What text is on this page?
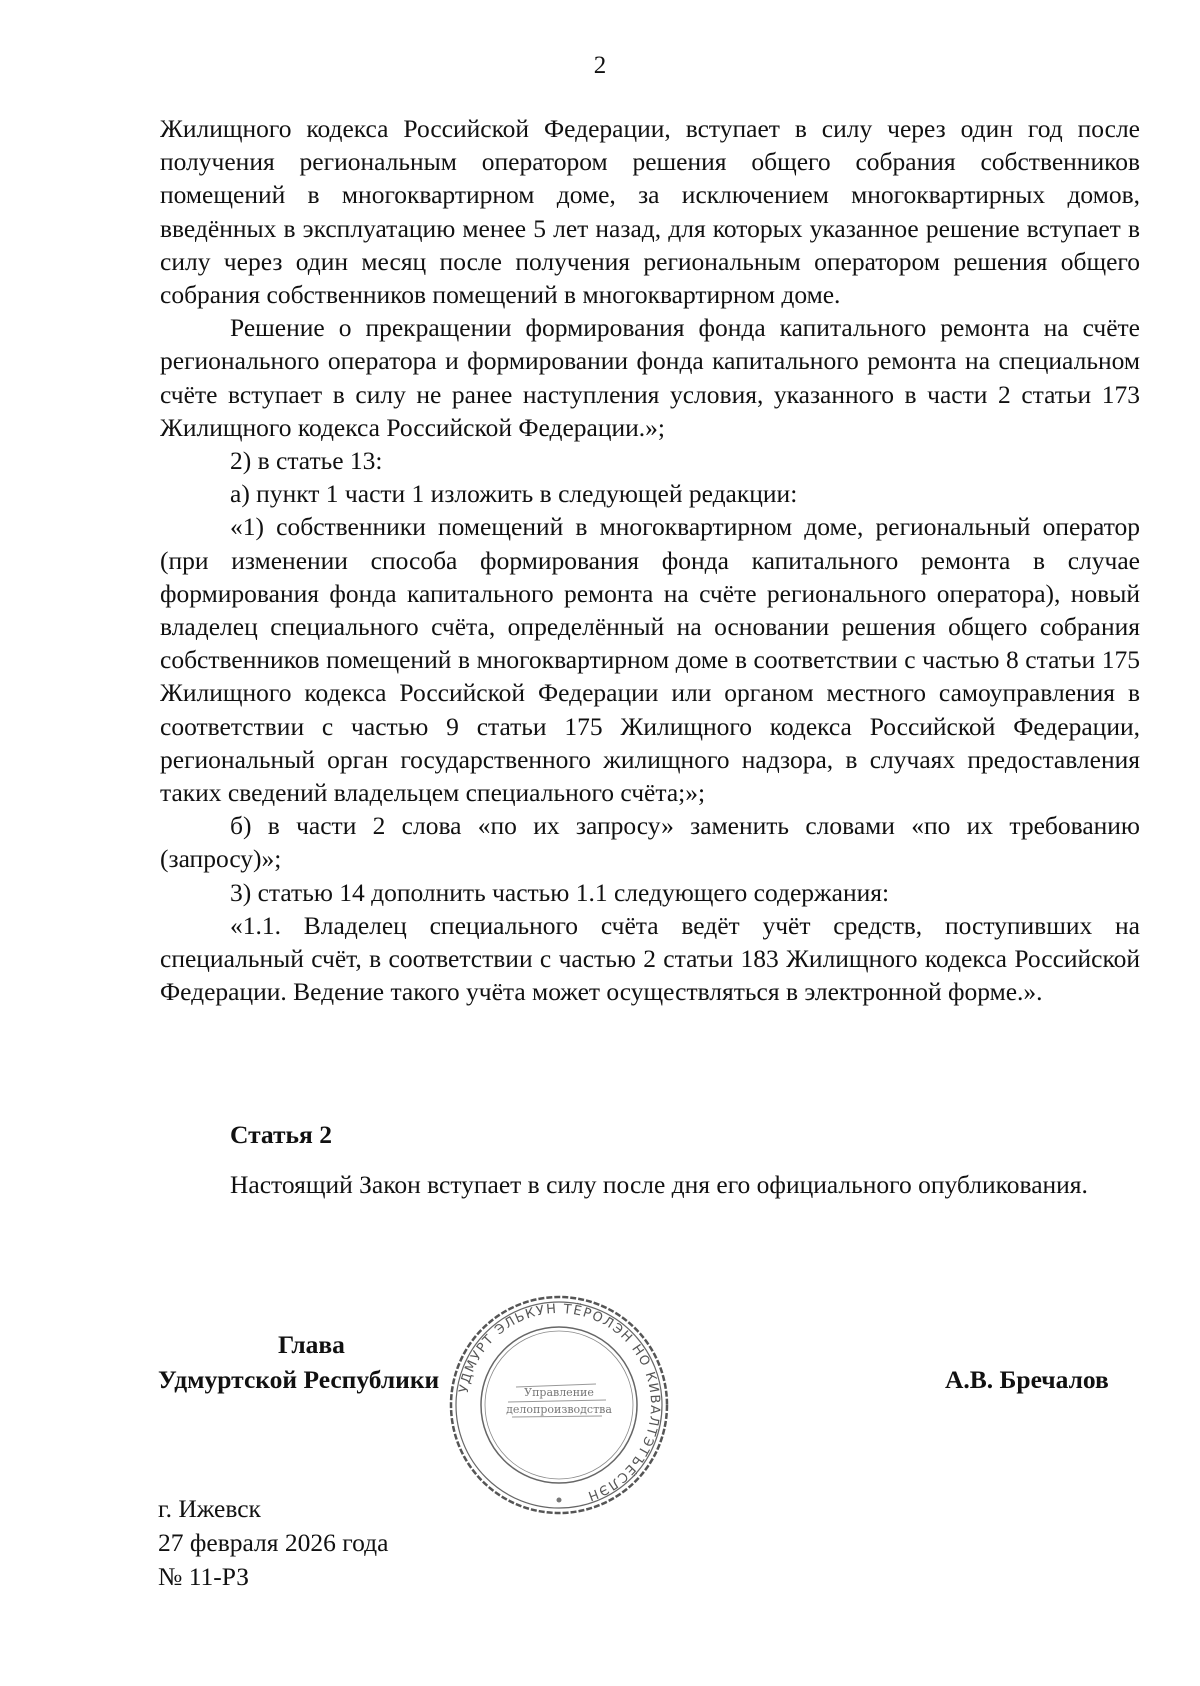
2

Жилищного кодекса Российской Федерации, вступает в силу через один год после получения региональным оператором решения общего собрания собственников помещений в многоквартирном доме, за исключением многоквартирных домов, введённых в эксплуатацию менее 5 лет назад, для которых указанное решение вступает в силу через один месяц после получения региональным оператором решения общего собрания собственников помещений в многоквартирном доме.

Решение о прекращении формирования фонда капитального ремонта на счёте регионального оператора и формировании фонда капитального ремонта на специальном счёте вступает в силу не ранее наступления условия, указанного в части 2 статьи 173 Жилищного кодекса Российской Федерации.»;

2) в статье 13:

а) пункт 1 части 1 изложить в следующей редакции:

«1) собственники помещений в многоквартирном доме, региональный оператор (при изменении способа формирования фонда капитального ремонта в случае формирования фонда капитального ремонта на счёте регионального оператора), новый владелец специального счёта, определённый на основании решения общего собрания собственников помещений в многоквартирном доме в соответствии с частью 8 статьи 175 Жилищного кодекса Российской Федерации или органом местного самоуправления в соответствии с частью 9 статьи 175 Жилищного кодекса Российской Федерации, региональный орган государственного жилищного надзора, в случаях предоставления таких сведений владельцем специального счёта;»;

б) в части 2 слова «по их запросу» заменить словами «по их требованию (запросу)»;

3) статью 14 дополнить частью 1.1 следующего содержания:

«1.1. Владелец специального счёта ведёт учёт средств, поступивших на специальный счёт, в соответствии с частью 2 статьи 183 Жилищного кодекса Российской Федерации. Ведение такого учёта может осуществляться в электронной форме.».

Статья 2

Настоящий Закон вступает в силу после дня его официального опубликования.

Глава
Удмуртской Республики	А.В. Бречалов
УДМУРТ ЭЛЬКУН ТЁРОЛЭН НО КИВАЛТЭТЪЁСЛЭН
Управление
делопроизводства
г. Ижевск
27 февраля 2026 года
№ 11-РЗ
